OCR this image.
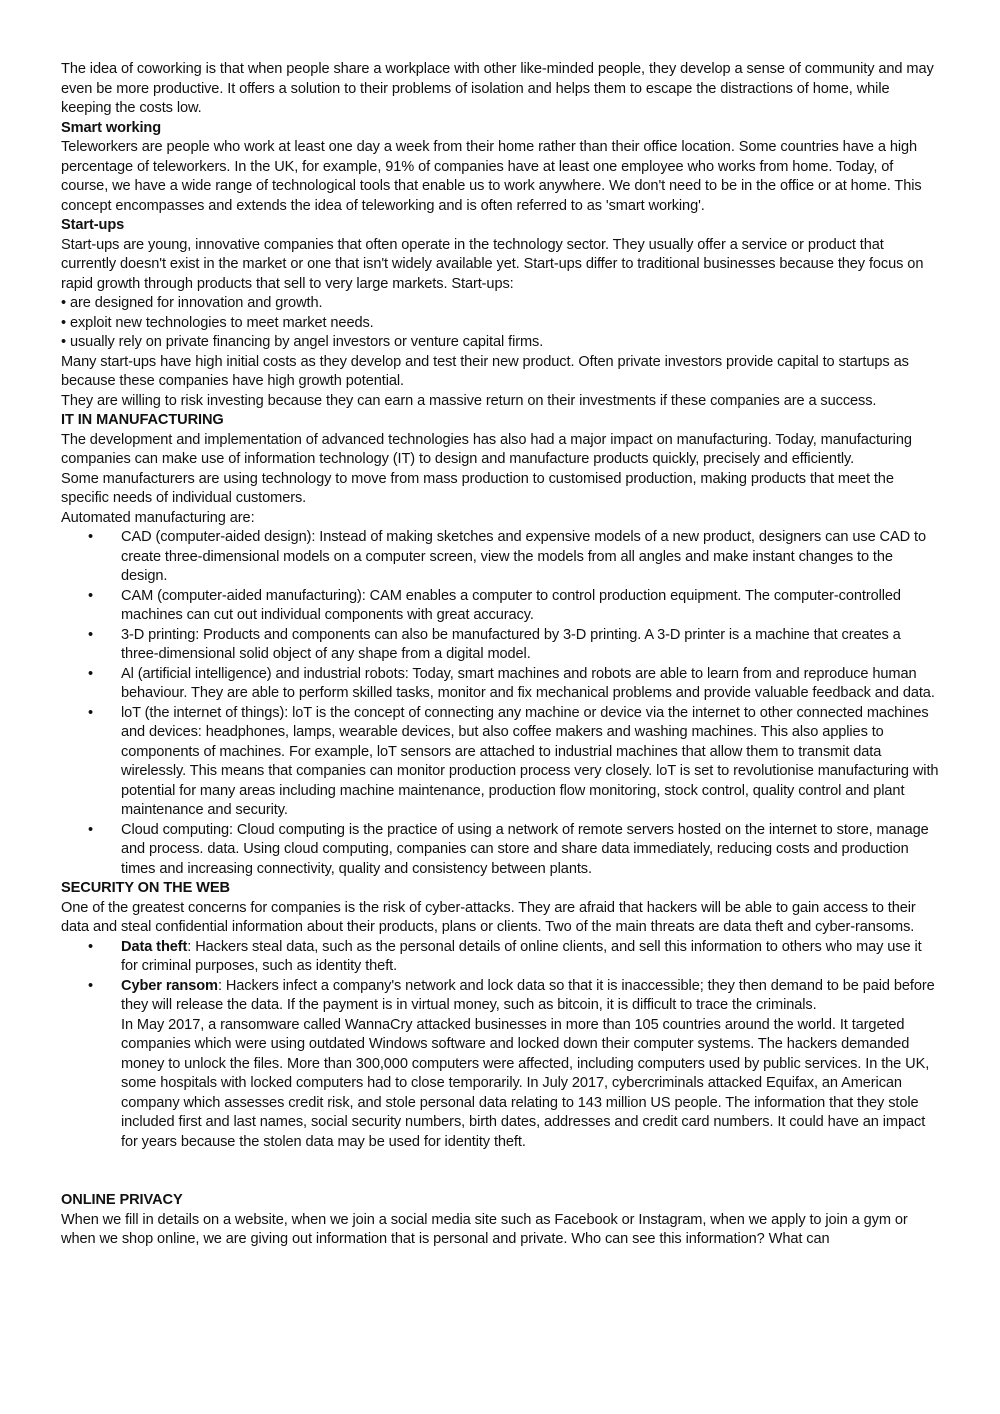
The idea of coworking is that when people share a workplace with other like-minded people, they develop a sense of community and may even be more productive. It offers a solution to their problems of isolation and helps them to escape the distractions of home, while keeping the costs low.

Smart working

Teleworkers are people who work at least one day a week from their home rather than their office location. Some countries have a high percentage of teleworkers. In the UK, for example, 91% of companies have at least one employee who works from home. Today, of course, we have a wide range of technological tools that enable us to work anywhere. We don't need to be in the office or at home. This concept encompasses and extends the idea of teleworking and is often referred to as 'smart working'.

Start-ups

Start-ups are young, innovative companies that often operate in the technology sector. They usually offer a service or product that currently doesn't exist in the market or one that isn't widely available yet. Start-ups differ to traditional businesses because they focus on rapid growth through products that sell to very large markets. Start-ups:

• are designed for innovation and growth.

• exploit new technologies to meet market needs.

• usually rely on private financing by angel investors or venture capital firms.

Many start-ups have high initial costs as they develop and test their new product. Often private investors provide capital to startups as because these companies have high growth potential.

They are willing to risk investing because they can earn a massive return on their investments if these companies are a success.

IT IN MANUFACTURING

The development and implementation of advanced technologies has also had a major impact on manufacturing. Today, manufacturing companies can make use of information technology (IT) to design and manufacture products quickly, precisely and efficiently.

Some manufacturers are using technology to move from mass production to customised production, making products that meet the specific needs of individual customers.

Automated manufacturing are:

• CAD (computer-aided design): Instead of making sketches and expensive models of a new product, designers can use CAD to create three-dimensional models on a computer screen, view the models from all angles and make instant changes to the design.
• CAM (computer-aided manufacturing): CAM enables a computer to control production equipment. The computer-controlled machines can cut out individual components with great accuracy.
• 3-D printing: Products and components can also be manufactured by 3-D printing. A 3-D printer is a machine that creates a three-dimensional solid object of any shape from a digital model.
• Al (artificial intelligence) and industrial robots: Today, smart machines and robots are able to learn from and reproduce human behaviour. They are able to perform skilled tasks, monitor and fix mechanical problems and provide valuable feedback and data.
• loT (the internet of things): loT is the concept of connecting any machine or device via the internet to other connected machines and devices: headphones, lamps, wearable devices, but also coffee makers and washing machines. This also applies to components of machines. For example, loT sensors are attached to industrial machines that allow them to transmit data wirelessly. This means that companies can monitor production process very closely. loT is set to revolutionise manufacturing with potential for many areas including machine maintenance, production flow monitoring, stock control, quality control and plant maintenance and security.
• Cloud computing: Cloud computing is the practice of using a network of remote servers hosted on the internet to store, manage and process. data. Using cloud computing, companies can store and share data immediately, reducing costs and production times and increasing connectivity, quality and consistency between plants.

SECURITY ON THE WEB

One of the greatest concerns for companies is the risk of cyber-attacks. They are afraid that hackers will be able to gain access to their data and steal confidential information about their products, plans or clients. Two of the main threats are data theft and cyber-ransoms.

• Data theft: Hackers steal data, such as the personal details of online clients, and sell this information to others who may use it for criminal purposes, such as identity theft.
• Cyber ransom: Hackers infect a company's network and lock data so that it is inaccessible; they then demand to be paid before they will release the data. If the payment is in virtual money, such as bitcoin, it is difficult to trace the criminals.

In May 2017, a ransomware called WannaCry attacked businesses in more than 105 countries around the world. It targeted companies which were using outdated Windows software and locked down their computer systems. The hackers demanded money to unlock the files. More than 300,000 computers were affected, including computers used by public services. In the UK, some hospitals with locked computers had to close temporarily. In July 2017, cybercriminals attacked Equifax, an American company which assesses credit risk, and stole personal data relating to 143 million US people. The information that they stole included first and last names, social security numbers, birth dates, addresses and credit card numbers. It could have an impact for years because the stolen data may be used for identity theft.

ONLINE PRIVACY

When we fill in details on a website, when we join a social media site such as Facebook or Instagram, when we apply to join a gym or when we shop online, we are giving out information that is personal and private. Who can see this information? What can
